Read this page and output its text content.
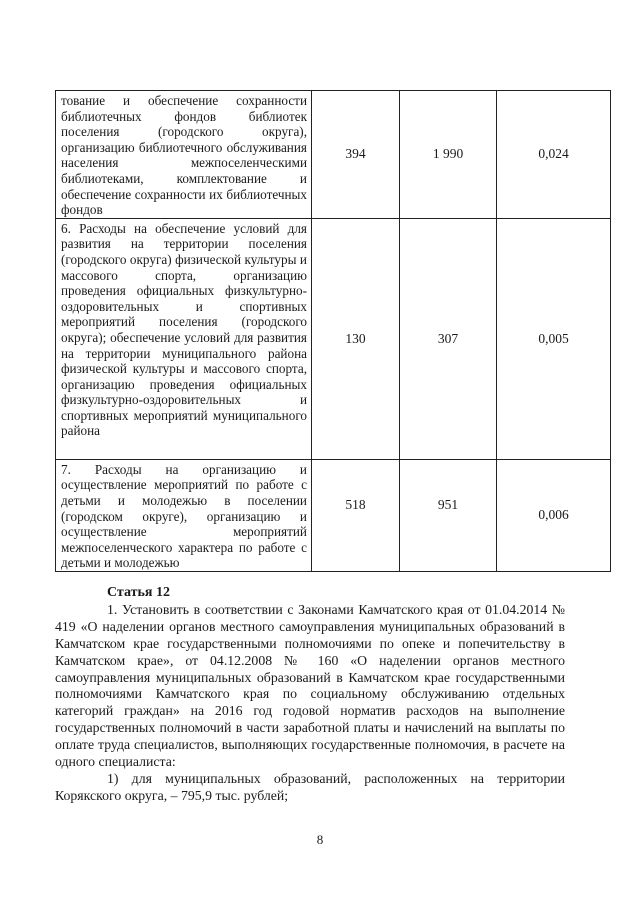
тование и обеспечение сохранности библиотечных фондов библиотек поселения (городского округа), организацию библиотечного обслуживания населения межпоселенческими библиотеками, комплектование и обеспечение сохранности их библиотечных фондов	394	1 990	0,024

6. Расходы на обеспечение условий для развития на территории поселения (городского округа) физической культуры и массового спорта, организацию проведения официальных физкультурно-оздоровительных и спортивных мероприятий поселения (городского округа); обеспечение условий для развития на территории муниципального района физической культуры и массового спорта, организацию проведения официальных физкультурно-оздоровительных и спортивных мероприятий муниципального района	130	307	0,005

7. Расходы на организацию и осуществление мероприятий по работе с детьми и молодежью в поселении (городском округе), организацию и осуществление мероприятий межпоселенческого характера по работе с детьми и молодежью	518	951	0,006
Статья 12

1. Установить в соответствии с Законами Камчатского края от 01.04.2014 № 419 «О наделении органов местного самоуправления муниципальных образований в Камчатском крае государственными полномочиями по опеке и попечительству в Камчатском крае», от 04.12.2008 № 160 «О наделении органов местного самоуправления муниципальных образований в Камчатском крае государственными полномочиями Камчатского края по социальному обслуживанию отдельных категорий граждан» на 2016 год годовой норматив расходов на выполнение государственных полномочий в части заработной платы и начислений на выплаты по оплате труда специалистов, выполняющих государственные полномочия, в расчете на одного специалиста:

1) для муниципальных образований, расположенных на территории Корякского округа, – 795,9 тыс. рублей;

8
